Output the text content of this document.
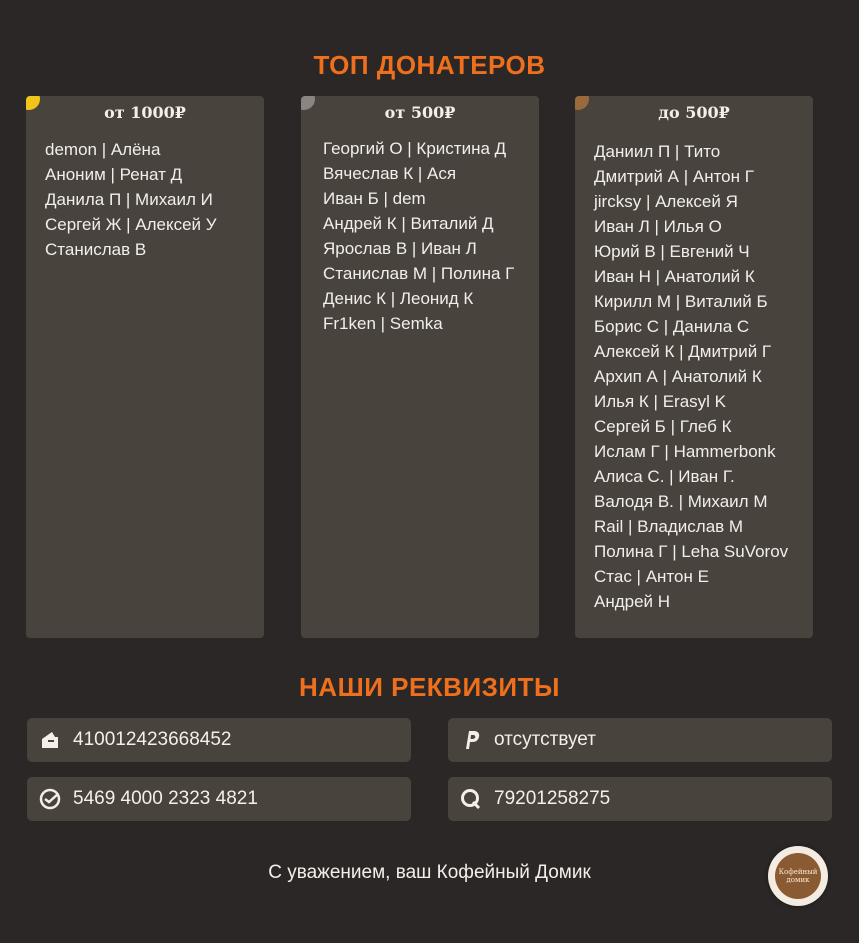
ТОП ДОНАТЕРОВ
от 1000₽
demon | Алёна
Аноним | Ренат Д
Данила П | Михаил И
Сергей Ж | Алексей У
Станислав В
от 500₽
Георгий О | Кристина Д
Вячеслав К | Ася
Иван Б | dem
Андрей К | Виталий Д
Ярослав В | Иван Л
Станислав М | Полина Г
Денис К | Леонид К
Fr1ken | Semka
до 500₽
Даниил П | Тито
Дмитрий А | Антон Г
jircksy | Алексей Я
Иван Л | Илья О
Юрий В | Евгений Ч
Иван Н | Анатолий К
Кирилл М | Виталий Б
Борис С | Данила С
Алексей К | Дмитрий Г
Архип А | Анатолий К
Илья К | Erasyl K
Сергей Б | Глеб К
Ислам Г | Hammerbonk
Алиса С. | Иван Г.
Валодя В. | Михаил М
Rail | Владислав М
Полина Г | Leha SuVorov
Стас | Антон Е
Андрей Н
НАШИ РЕКВИЗИТЫ
410012423668452	отсутствует
5469 4000 2323 4821	79201258275
С уважением, ваш Кофейный Домик	Кофейный домик
